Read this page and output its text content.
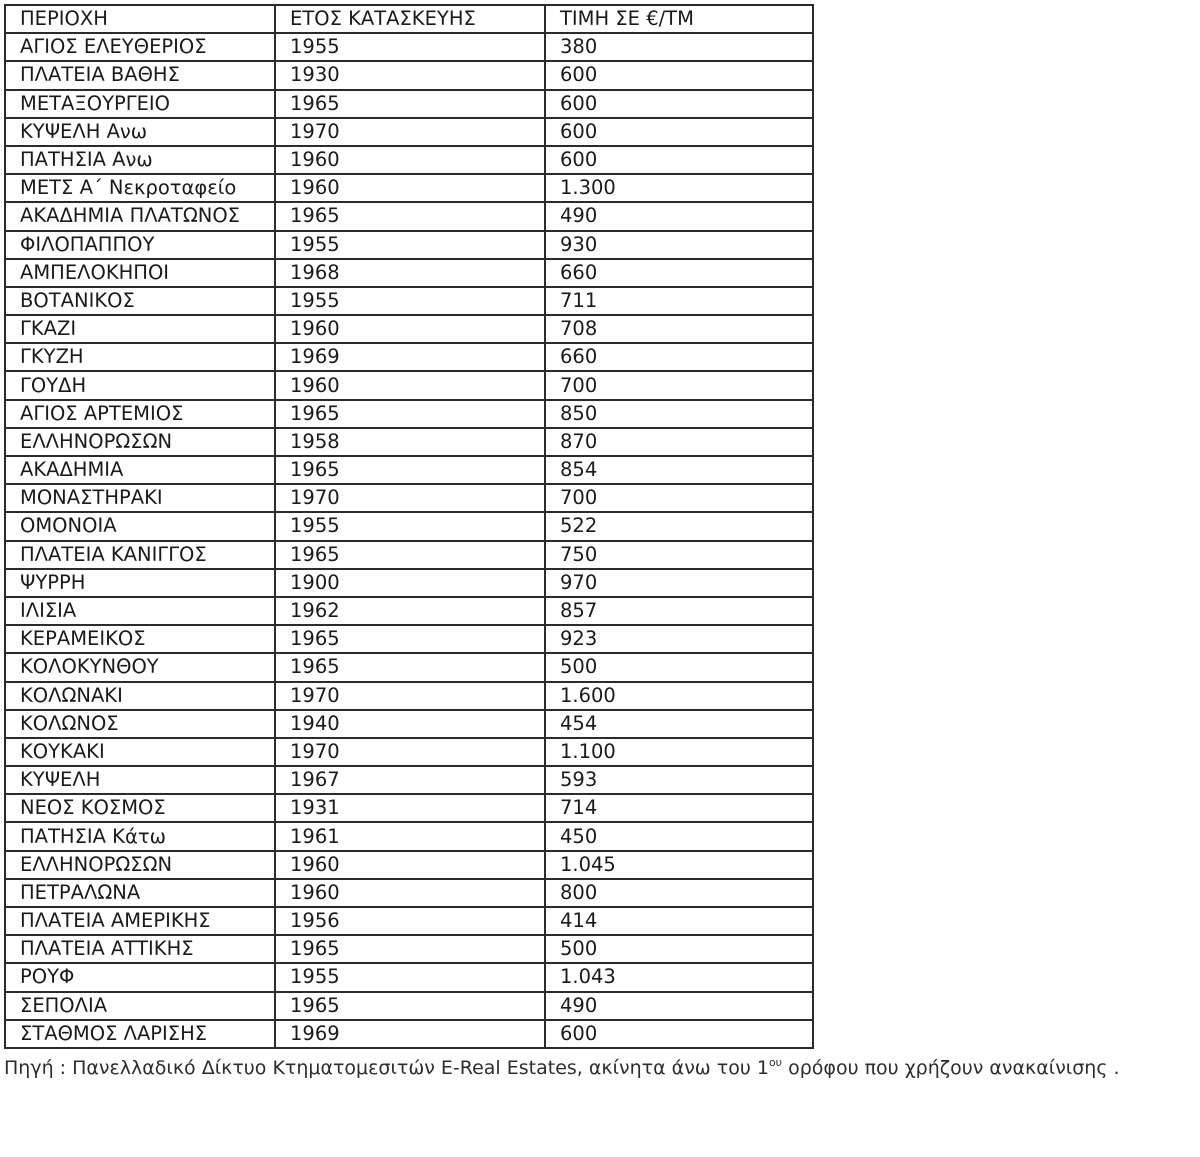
ΠΕΡΙΟΧΗ	ΕΤΟΣ ΚΑΤΑΣΚΕΥΗΣ	ΤΙΜΗ ΣΕ €/ΤΜ
ΑΓΙΟΣ ΕΛΕΥΘΕΡΙΟΣ	1955	380
ΠΛΑΤΕΙΑ ΒΑΘΗΣ	1930	600
ΜΕΤΑΞΟΥΡΓΕΙΟ	1965	600
ΚΥΨΕΛΗ Ανω	1970	600
ΠΑΤΗΣΙΑ Ανω	1960	600
ΜΕΤΣ Α΄ Νεκροταφείο	1960	1.300
ΑΚΑΔΗΜΙΑ ΠΛΑΤΩΝΟΣ	1965	490
ΦΙΛΟΠΑΠΠΟΥ	1955	930
ΑΜΠΕΛΟΚΗΠΟΙ	1968	660
ΒΟΤΑΝΙΚΟΣ	1955	711
ΓΚΑΖΙ	1960	708
ΓΚΥΖΗ	1969	660
ΓΟΥΔΗ	1960	700
ΑΓΙΟΣ ΑΡΤΕΜΙΟΣ	1965	850
ΕΛΛΗΝΟΡΩΣΩΝ	1958	870
ΑΚΑΔΗΜΙΑ	1965	854
ΜΟΝΑΣΤΗΡΑΚΙ	1970	700
ΟΜΟΝΟΙΑ	1955	522
ΠΛΑΤΕΙΑ ΚΑΝΙΓΓΟΣ	1965	750
ΨΥΡΡΗ	1900	970
ΙΛΙΣΙΑ	1962	857
ΚΕΡΑΜΕΙΚΟΣ	1965	923
ΚΟΛΟΚΥΝΘΟΥ	1965	500
ΚΟΛΩΝΑΚΙ	1970	1.600
ΚΟΛΩΝΟΣ	1940	454
ΚΟΥΚΑΚΙ	1970	1.100
ΚΥΨΕΛΗ	1967	593
ΝΕΟΣ ΚΟΣΜΟΣ	1931	714
ΠΑΤΗΣΙΑ Κάτω	1961	450
ΕΛΛΗΝΟΡΩΣΩΝ	1960	1.045
ΠΕΤΡΑΛΩΝΑ	1960	800
ΠΛΑΤΕΙΑ ΑΜΕΡΙΚΗΣ	1956	414
ΠΛΑΤΕΙΑ ΑΤΤΙΚΗΣ	1965	500
ΡΟΥΦ	1955	1.043
ΣΕΠΟΛΙΑ	1965	490
ΣΤΑΘΜΟΣ ΛΑΡΙΣΗΣ	1969	600
Πηγή : Πανελλαδικό Δίκτυο Κτηματομεσιτών E-Real Estates, ακίνητα άνω του $1^{o\upsilon}$ ορόφου που χρήζουν ανακαίνισης .
